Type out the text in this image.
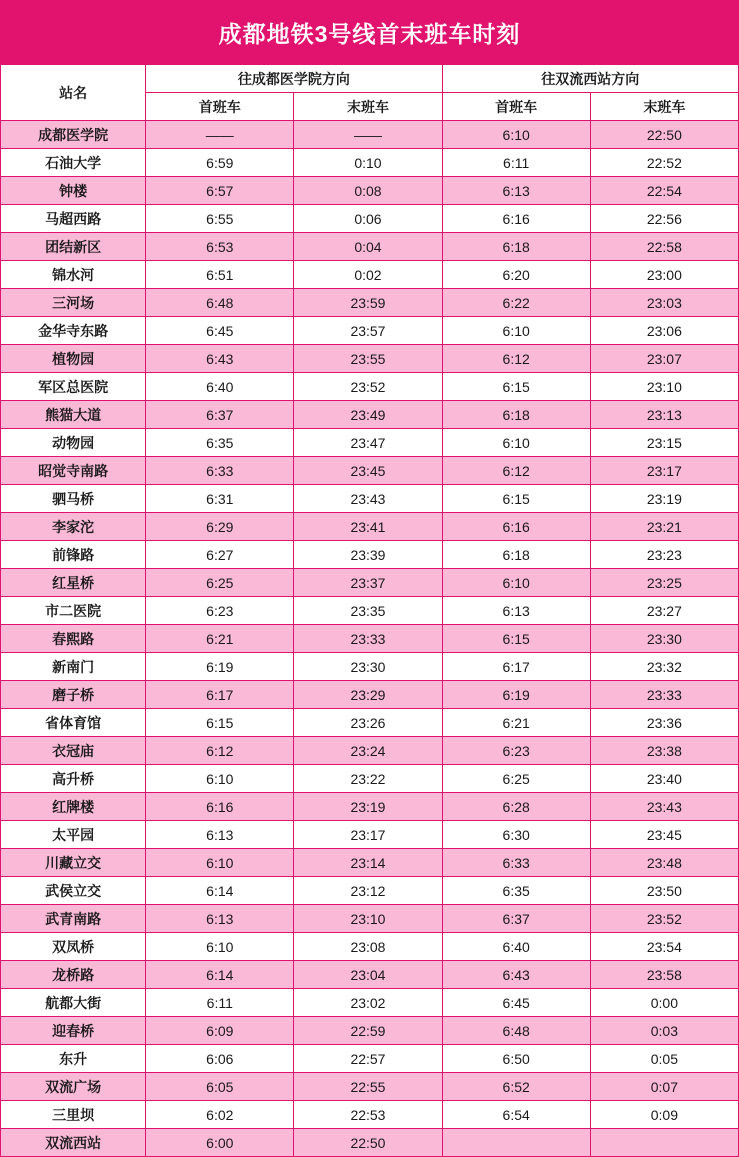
成都地铁3号线首末班车时刻
站名	往成都医学院方向		往双流西站方向	
	首班车	末班车	首班车	末班车
成都医学院	——	——	6:10	22:50
石油大学	6:59	0:10	6:11	22:52
钟楼	6:57	0:08	6:13	22:54
马超西路	6:55	0:06	6:16	22:56
团结新区	6:53	0:04	6:18	22:58
锦水河	6:51	0:02	6:20	23:00
三河场	6:48	23:59	6:22	23:03
金华寺东路	6:45	23:57	6:10	23:06
植物园	6:43	23:55	6:12	23:07
军区总医院	6:40	23:52	6:15	23:10
熊猫大道	6:37	23:49	6:18	23:13
动物园	6:35	23:47	6:10	23:15
昭觉寺南路	6:33	23:45	6:12	23:17
驷马桥	6:31	23:43	6:15	23:19
李家沱	6:29	23:41	6:16	23:21
前锋路	6:27	23:39	6:18	23:23
红星桥	6:25	23:37	6:10	23:25
市二医院	6:23	23:35	6:13	23:27
春熙路	6:21	23:33	6:15	23:30
新南门	6:19	23:30	6:17	23:32
磨子桥	6:17	23:29	6:19	23:33
省体育馆	6:15	23:26	6:21	23:36
衣冠庙	6:12	23:24	6:23	23:38
高升桥	6:10	23:22	6:25	23:40
红牌楼	6:16	23:19	6:28	23:43
太平园	6:13	23:17	6:30	23:45
川藏立交	6:10	23:14	6:33	23:48
武侯立交	6:14	23:12	6:35	23:50
武青南路	6:13	23:10	6:37	23:52
双凤桥	6:10	23:08	6:40	23:54
龙桥路	6:14	23:04	6:43	23:58
航都大街	6:11	23:02	6:45	0:00
迎春桥	6:09	22:59	6:48	0:03
东升	6:06	22:57	6:50	0:05
双流广场	6:05	22:55	6:52	0:07
三里坝	6:02	22:53	6:54	0:09
双流西站	6:00	22:50		
